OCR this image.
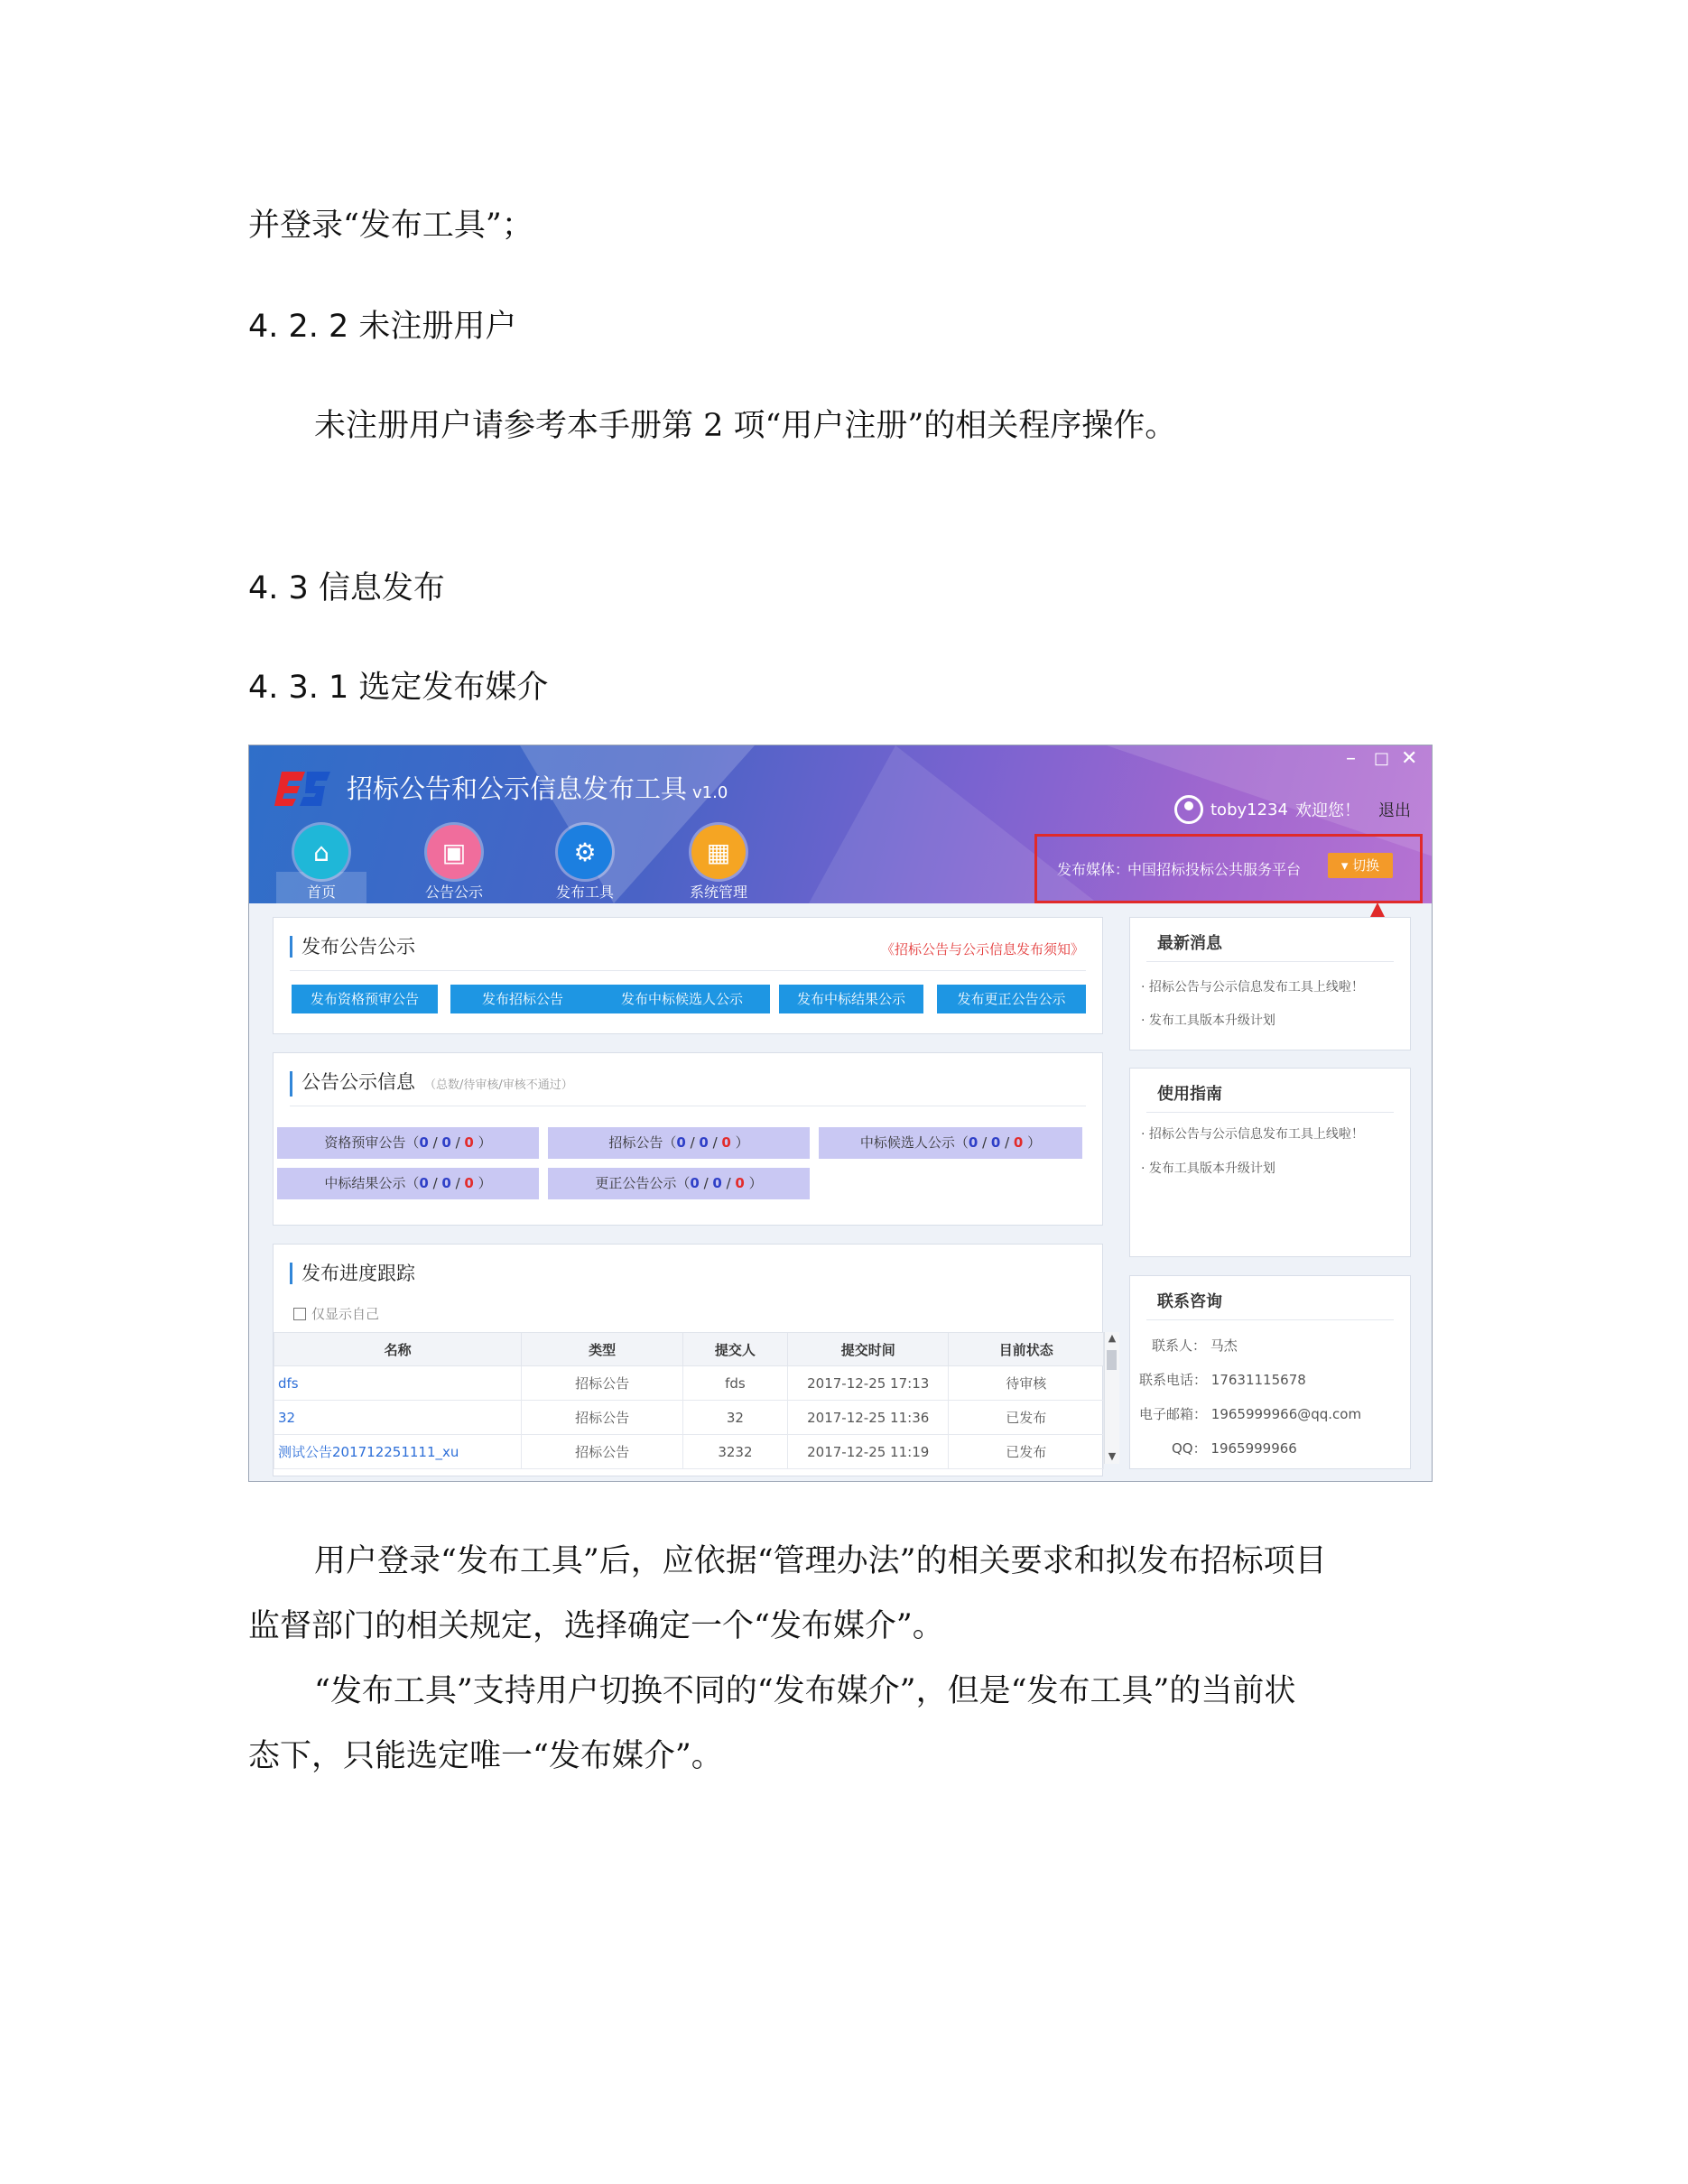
并登录“发布工具”；
4. 2. 2 未注册用户
未注册用户请参考本手册第 2 项“用户注册”的相关程序操作。
4. 3 信息发布
4. 3. 1 选定发布媒介
招标公告和公示信息发布工具 v1.0
– □ ✕
toby1234 欢迎您！ 退出
⌂
首页
▣
公告公示
⚙
发布工具
▦
系统管理
发布媒体：
中国招标投标公共服务平台	▾ 切换
发布公告公示	《招标公告与公示信息发布须知》
发布资格预审公告	发布招标公告	发布中标候选人公示	发布中标结果公示	发布更正公告公示
公告公示信息 （总数/待审核/审核不通过）
资格预审公告（0 / 0 / 0 ）	招标公告（0 / 0 / 0 ）	中标候选人公示（0 / 0 / 0 ）
中标结果公示（0 / 0 / 0 ）	更正公告公示（0 / 0 / 0 ）
发布进度跟踪
仅显示自己
名称	类型	提交人	提交时间	目前状态
dfs	招标公告	fds	2017-12-25 17:13	待审核
32	招标公告	32	2017-12-25 11:36	已发布
测试公告201712251111_xu	招标公告	3232	2017-12-25 11:19	已发布
▲
▼
最新消息
· 招标公告与公示信息发布工具上线啦！
· 发布工具版本升级计划
使用指南
· 招标公告与公示信息发布工具上线啦！
· 发布工具版本升级计划
联系咨询
联系人： 马杰
联系电话： 17631115678
电子邮箱： 1965999966@qq.com
QQ： 1965999966
用户登录“发布工具”后，应依据“管理办法”的相关要求和拟发布招标项目
监督部门的相关规定，选择确定一个“发布媒介”。
“发布工具”支持用户切换不同的“发布媒介”，但是“发布工具”的当前状
态下，只能选定唯一“发布媒介”。
